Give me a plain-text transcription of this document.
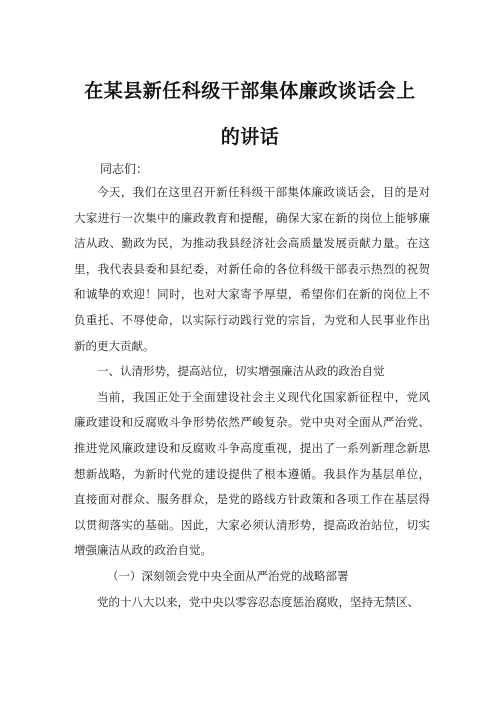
在某县新任科级干部集体廉政谈话会上
的讲话
同志们：

今天，我们在这里召开新任科级干部集体廉政谈话会，目的是对大家进行一次集中的廉政教育和提醒，确保大家在新的岗位上能够廉洁从政、勤政为民，为推动我县经济社会高质量发展贡献力量。在这里，我代表县委和县纪委，对新任命的各位科级干部表示热烈的祝贺和诚挚的欢迎！同时，也对大家寄予厚望，希望你们在新的岗位上不负重托、不辱使命，以实际行动践行党的宗旨，为党和人民事业作出新的更大贡献。

一、认清形势，提高站位，切实增强廉洁从政的政治自觉

当前，我国正处于全面建设社会主义现代化国家新征程中，党风廉政建设和反腐败斗争形势依然严峻复杂。党中央对全面从严治党、推进党风廉政建设和反腐败斗争高度重视，提出了一系列新理念新思想新战略，为新时代党的建设提供了根本遵循。我县作为基层单位，直接面对群众、服务群众，是党的路线方针政策和各项工作在基层得以贯彻落实的基础。因此，大家必须认清形势，提高政治站位，切实增强廉洁从政的政治自觉。

（一）深刻领会党中央全面从严治党的战略部署

党的十八大以来，党中央以零容忍态度惩治腐败，坚持无禁区、
